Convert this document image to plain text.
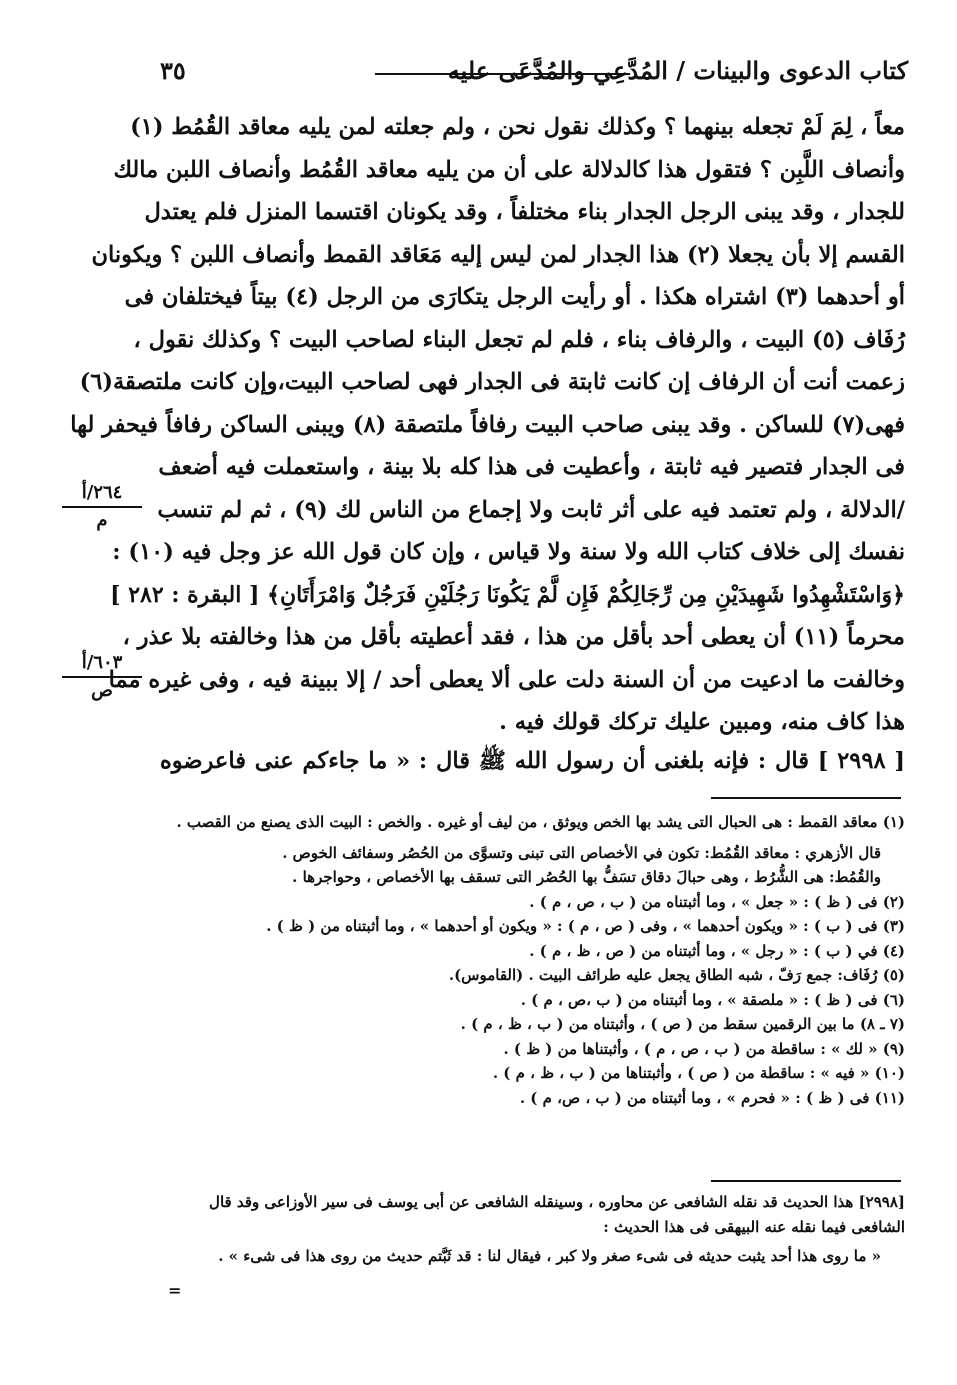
٣٥	كتاب الدعوى والبينات / المُدَّعِي والمُدَّعَى عليه
معاً ، لِمَ لَمْ تجعله بينهما ؟ وكذلك نقول نحن ، ولم جعلته لمن يليه معاقد القُمُط (١)
وأنصاف اللَّبِن ؟ فتقول هذا كالدلالة على أن من يليه معاقد القُمُط وأنصاف اللبن مالك
للجدار ، وقد يبنى الرجل الجدار بناء مختلفاً ، وقد يكونان اقتسما المنزل فلم يعتدل
القسم إلا بأن يجعلا (٢) هذا الجدار لمن ليس إليه مَعَاقد القمط وأنصاف اللبن ؟ ويكونان
أو أحدهما (٣) اشتراه هكذا . أو رأيت الرجل يتكارَى من الرجل (٤) بيتاً فيختلفان فى
رُفَاف (٥) البيت ، والرفاف بناء ، فلم لم تجعل البناء لصاحب البيت ؟ وكذلك نقول ،
زعمت أنت أن الرفاف إن كانت ثابتة فى الجدار فهى لصاحب البيت،وإن كانت ملتصقة(٦)
فهى(٧) للساكن . وقد يبنى صاحب البيت رفافاً ملتصقة (٨) ويبنى الساكن رفافاً فيحفر لها
فى الجدار فتصير فيه ثابتة ، وأعطيت فى هذا كله بلا بينة ، واستعملت فيه أضعف
/الدلالة ، ولم تعتمد فيه على أثر ثابت ولا إجماع من الناس لك (٩) ، ثم لم تنسب
نفسك إلى خلاف كتاب الله ولا سنة ولا قياس ، وإن كان قول الله عز وجل فيه (١٠) :
﴿وَاسْتَشْهِدُوا شَهِيدَيْنِ مِن رِّجَالِكُمْ فَإِن لَّمْ يَكُونَا رَجُلَيْنِ فَرَجُلٌ وَامْرَأَتَانِ﴾ [ البقرة : ٢٨٢ ]
محرماً (١١) أن يعطى أحد بأقل من هذا ، فقد أعطيته بأقل من هذا وخالفته بلا عذر ،
وخالفت ما ادعيت من أن السنة دلت على ألا يعطى أحد / إلا ببينة فيه ، وفى غيره مما
هذا كاف منه، ومبين عليك تركك قولك فيه .
٢٦٤/أ
م
٦٠٣/أ
ص
[ ٢٩٩٨ ] قال : فإنه بلغنى أن رسول الله ﷺ قال : « ما جاءكم عنى فاعرضوه
(١) معاقد القمط : هى الحبال التى يشد بها الخص ويوثق ، من ليف أو غيره . والخص : البيت الذى يصنع من القصب .
قال الأزهري : معاقد القُمُط: تكون في الأخصاص التى تبنى وتسوَّى من الحُصُر وسفائف الخوص .
والقُمُط: هى الشُّرُط ، وهى حبالَ دقاق تسَفُّ بها الحُصُر التى تسقف بها الأخصاص ، وحواجرها .
(٢) فى ( ظ ) : « جعل » ، وما أثبتناه من ( ب ، ص ، م ) .
(٣) فى ( ب ) : « ويكون أحدهما » ، وفى ( ص ، م ) : « ويكون أو أحدهما » ، وما أثبتناه من ( ظ ) .
(٤) في ( ب ) : « رجل » ، وما أثبتناه من ( ص ، ظ ، م ) .
(٥) رُفَاف: جمع رَفّ ، شبه الطاق يجعل عليه طرائف البيت . (القاموس).
(٦) فى ( ظ ) : « ملصقة » ، وما أثبتناه من ( ب ،ص ، م ) .
(٧ ـ ٨) ما بين الرقمين سقط من ( ص ) ، وأثبتناه من ( ب ، ظ ، م ) .
(٩) « لك » : ساقطة من ( ب ، ص ، م ) ، وأثبتناها من ( ظ ) .
(١٠) « فيه » : ساقطة من ( ص ) ، وأثبتناها من ( ب ، ظ ، م ) .
(١١) فى ( ظ ) : « فحرم » ، وما أثبتناه من ( ب ، ص، م ) .
[٢٩٩٨] هذا الحديث قد نقله الشافعى عن محاوره ، وسينقله الشافعى عن أبى يوسف فى سير الأوزاعى وقد قال الشافعى فيما نقله عنه البيهقى فى هذا الحديث :
« ما روى هذا أحد يثبت حديثه فى شىء صغر ولا كبر ، فيقال لنا : قد ثَبَّتم حديث من روى هذا فى شىء » .
=
